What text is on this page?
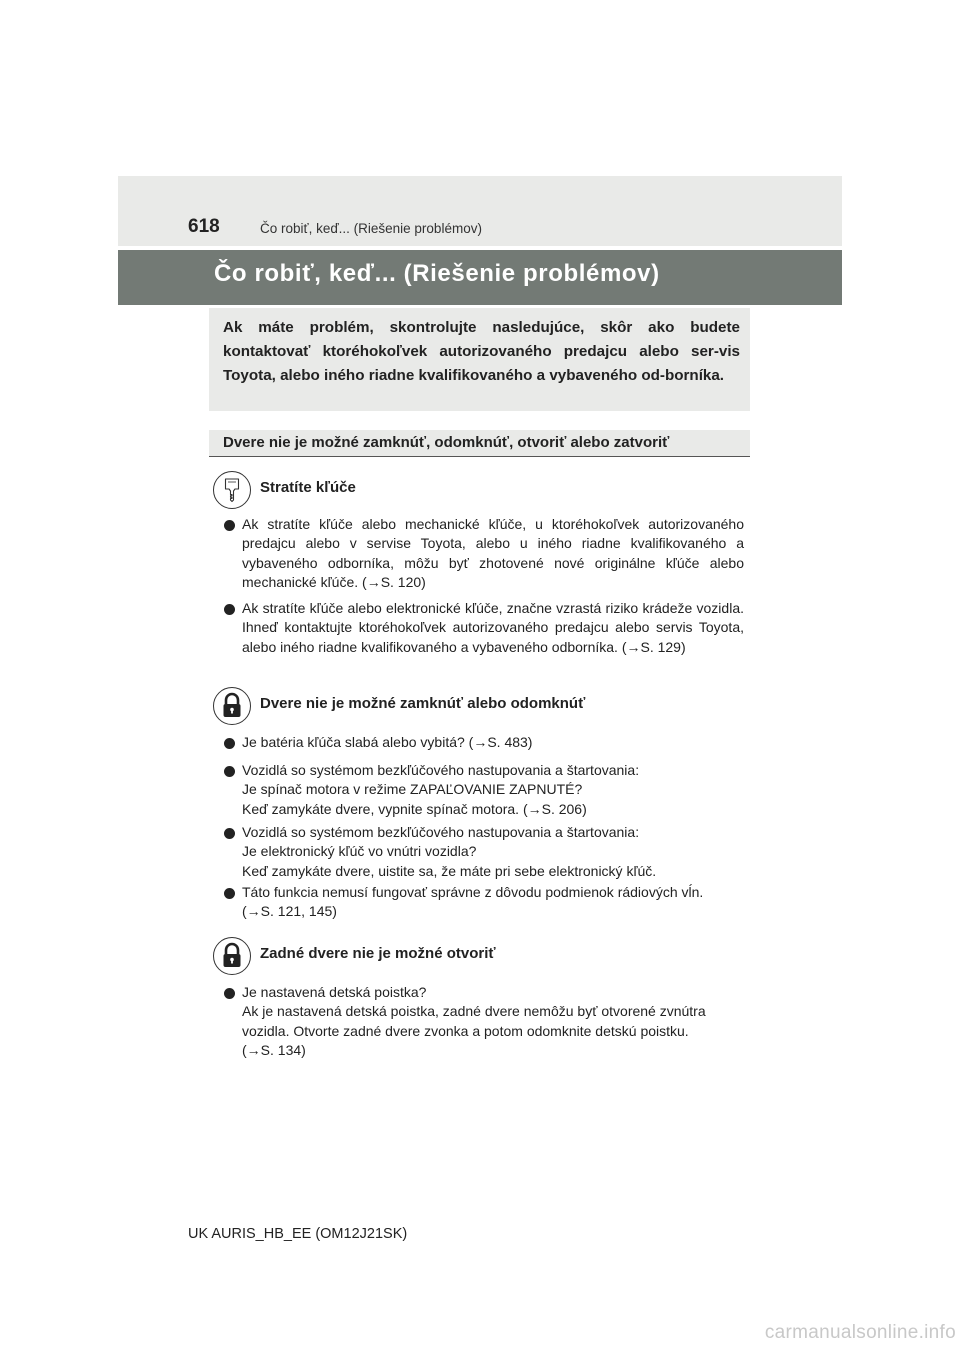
618	Čo robiť, keď... (Riešenie problémov)
Čo robiť, keď... (Riešenie problémov)

Ak máte problém, skontrolujte nasledujúce, skôr ako budete kontaktovať ktoréhokoľvek autorizovaného predajcu alebo ser-vis Toyota, alebo iného riadne kvalifikovaného a vybaveného od-borníka.

Dvere nie je možné zamknúť, odomknúť, otvoriť alebo zatvoriť
Stratíte kľúče

Ak stratíte kľúče alebo mechanické kľúče, u ktoréhokoľvek autorizovaného predajcu alebo v servise Toyota, alebo u iného riadne kvalifikovaného a vybaveného odborníka, môžu byť zhotovené nové originálne kľúče alebo mechanické kľúče. (→S. 120)

Ak stratíte kľúče alebo elektronické kľúče, značne vzrastá riziko krádeže vozidla. Ihneď kontaktujte ktoréhokoľvek autorizovaného predajcu alebo servis Toyota, alebo iného riadne kvalifikovaného a vybaveného odborníka. (→S. 129)

Dvere nie je možné zamknúť alebo odomknúť

Je batéria kľúča slabá alebo vybitá? (→S. 483)

Vozidlá so systémom bezkľúčového nastupovania a štartovania:
Je spínač motora v režime ZAPAĽOVANIE ZAPNUTÉ?
Keď zamykáte dvere, vypnite spínač motora. (→S. 206)

Vozidlá so systémom bezkľúčového nastupovania a štartovania:
Je elektronický kľúč vo vnútri vozidla?
Keď zamykáte dvere, uistite sa, že máte pri sebe elektronický kľúč.

Táto funkcia nemusí fungovať správne z dôvodu podmienok rádiových vĺn.
(→S. 121, 145)

Zadné dvere nie je možné otvoriť

Je nastavená detská poistka?
Ak je nastavená detská poistka, zadné dvere nemôžu byť otvorené zvnútra vozidla. Otvorte zadné dvere zvonka a potom odomknite detskú poistku.
(→S. 134)

UK AURIS_HB_EE (OM12J21SK)
carmanualsonline.info
